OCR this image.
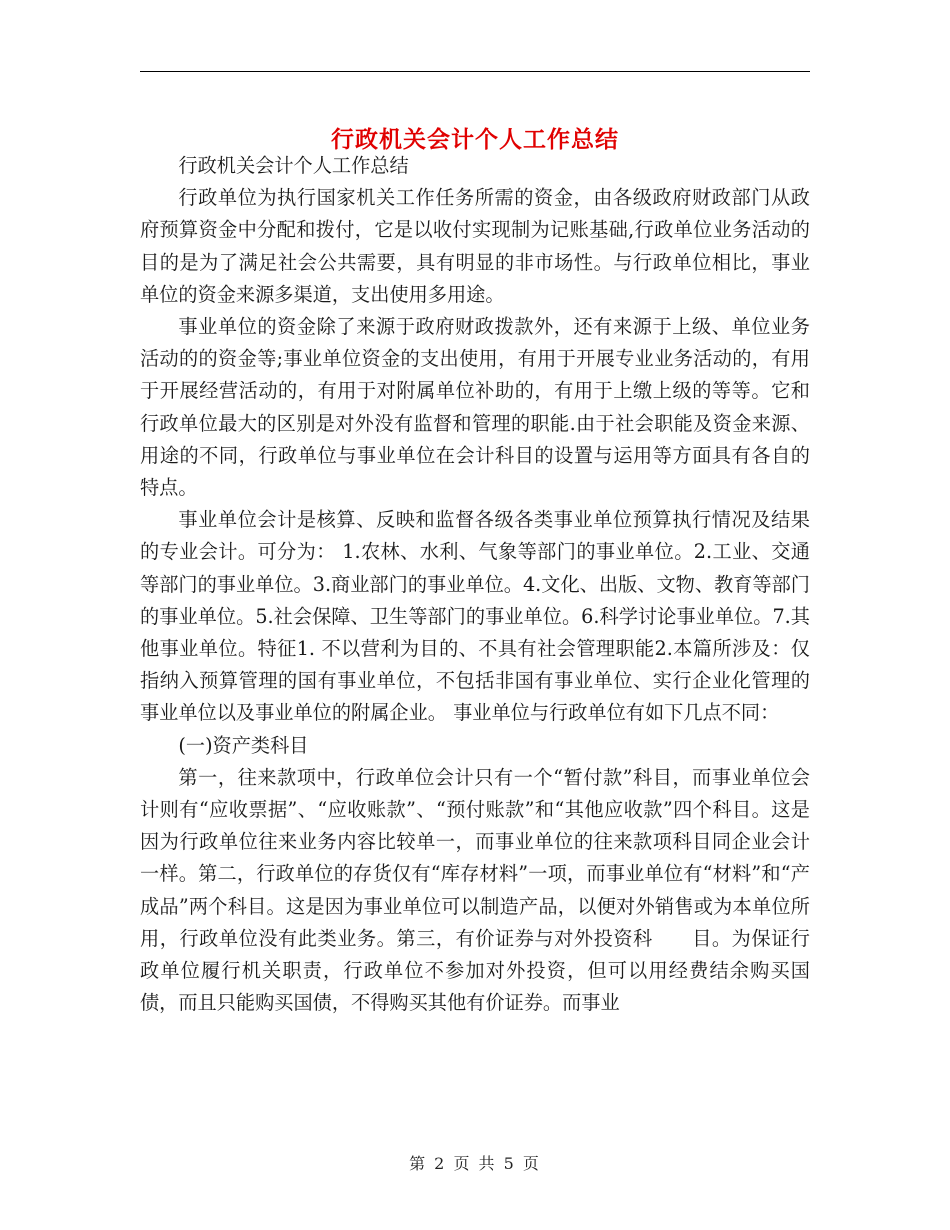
行政机关会计个人工作总结

行政机关会计个人工作总结

行政单位为执行国家机关工作任务所需的资金，由各级政府财政部门从政府预算资金中分配和拨付，它是以收付实现制为记账基础,行政单位业务活动的目的是为了满足社会公共需要，具有明显的非市场性。与行政单位相比，事业单位的资金来源多渠道，支出使用多用途。

事业单位的资金除了来源于政府财政拨款外，还有来源于上级、单位业务活动的的资金等;事业单位资金的支出使用，有用于开展专业业务活动的，有用于开展经营活动的，有用于对附属单位补助的，有用于上缴上级的等等。它和行政单位最大的区别是对外没有监督和管理的职能.由于社会职能及资金来源、用途的不同，行政单位与事业单位在会计科目的设置与运用等方面具有各自的特点。

事业单位会计是核算、反映和监督各级各类事业单位预算执行情况及结果的专业会计。可分为： 1.农林、水利、气象等部门的事业单位。2.工业、交通等部门的事业单位。3.商业部门的事业单位。4.文化、出版、文物、教育等部门的事业单位。5.社会保障、卫生等部门的事业单位。6.科学讨论事业单位。7.其他事业单位。特征1. 不以营利为目的、不具有社会管理职能2.本篇所涉及：仅指纳入预算管理的国有事业单位，不包括非国有事业单位、实行企业化管理的事业单位以及事业单位的附属企业。 事业单位与行政单位有如下几点不同：

(一)资产类科目

第一，往来款项中，行政单位会计只有一个“暂付款”科目，而事业单位会计则有“应收票据”、“应收账款”、“预付账款”和“其他应收款”四个科目。这是因为行政单位往来业务内容比较单一，而事业单位的往来款项科目同企业会计一样。第二，行政单位的存货仅有“库存材料”一项，而事业单位有“材料”和“产成品”两个科目。这是因为事业单位可以制造产品，以便对外销售或为本单位所用，行政单位没有此类业务。第三，有价证券与对外投资科　　目。为保证行政单位履行机关职责，行政单位不参加对外投资，但可以用经费结余购买国债，而且只能购买国债，不得购买其他有价证券。而事业

第 2 页 共 5 页
